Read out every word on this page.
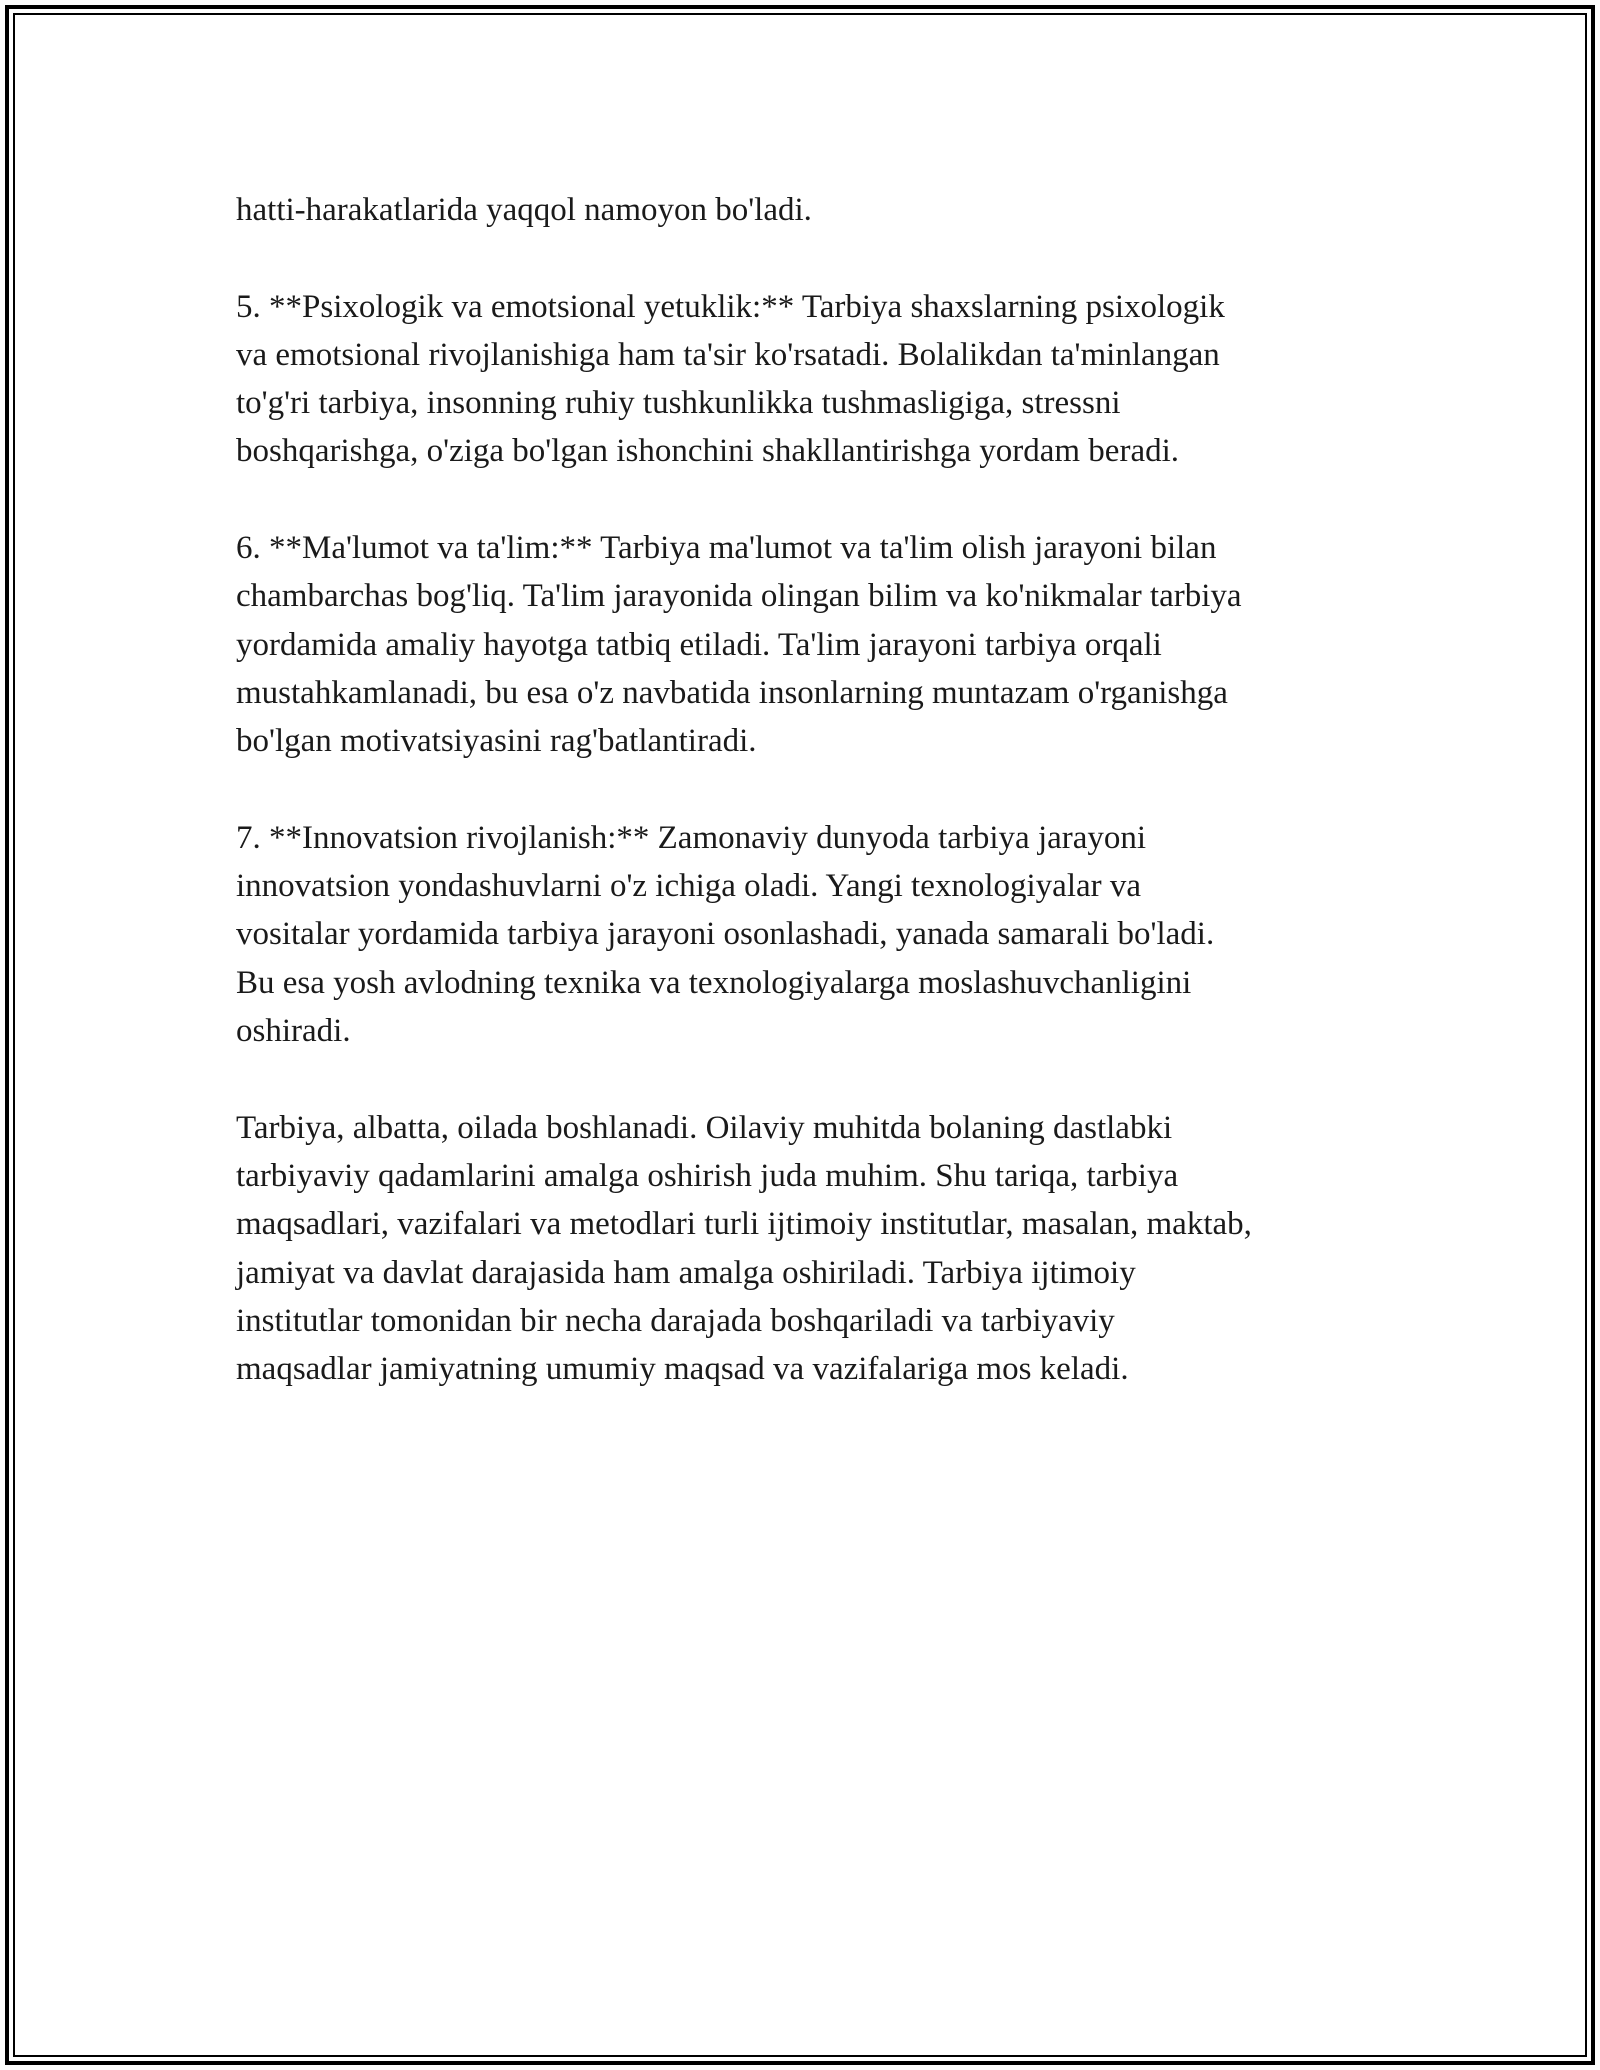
hatti-harakatlarida yaqqol namoyon bo'ladi.

5. **Psixologik va emotsional yetuklik:** Tarbiya shaxslarning psixologik
va emotsional rivojlanishiga ham ta'sir ko'rsatadi. Bolalikdan ta'minlangan
to'g'ri tarbiya, insonning ruhiy tushkunlikka tushmasligiga, stressni
boshqarishga, o'ziga bo'lgan ishonchini shakllantirishga yordam beradi.

6. **Ma'lumot va ta'lim:** Tarbiya ma'lumot va ta'lim olish jarayoni bilan
chambarchas bog'liq. Ta'lim jarayonida olingan bilim va ko'nikmalar tarbiya
yordamida amaliy hayotga tatbiq etiladi. Ta'lim jarayoni tarbiya orqali
mustahkamlanadi, bu esa o'z navbatida insonlarning muntazam o'rganishga
bo'lgan motivatsiyasini rag'batlantiradi.

7. **Innovatsion rivojlanish:** Zamonaviy dunyoda tarbiya jarayoni
innovatsion yondashuvlarni o'z ichiga oladi. Yangi texnologiyalar va
vositalar yordamida tarbiya jarayoni osonlashadi, yanada samarali bo'ladi.
Bu esa yosh avlodning texnika va texnologiyalarga moslashuvchanligini
oshiradi.

Tarbiya, albatta, oilada boshlanadi. Oilaviy muhitda bolaning dastlabki
tarbiyaviy qadamlarini amalga oshirish juda muhim. Shu tariqa, tarbiya
maqsadlari, vazifalari va metodlari turli ijtimoiy institutlar, masalan, maktab,
jamiyat va davlat darajasida ham amalga oshiriladi. Tarbiya ijtimoiy
institutlar tomonidan bir necha darajada boshqariladi va tarbiyaviy
maqsadlar jamiyatning umumiy maqsad va vazifalariga mos keladi.
